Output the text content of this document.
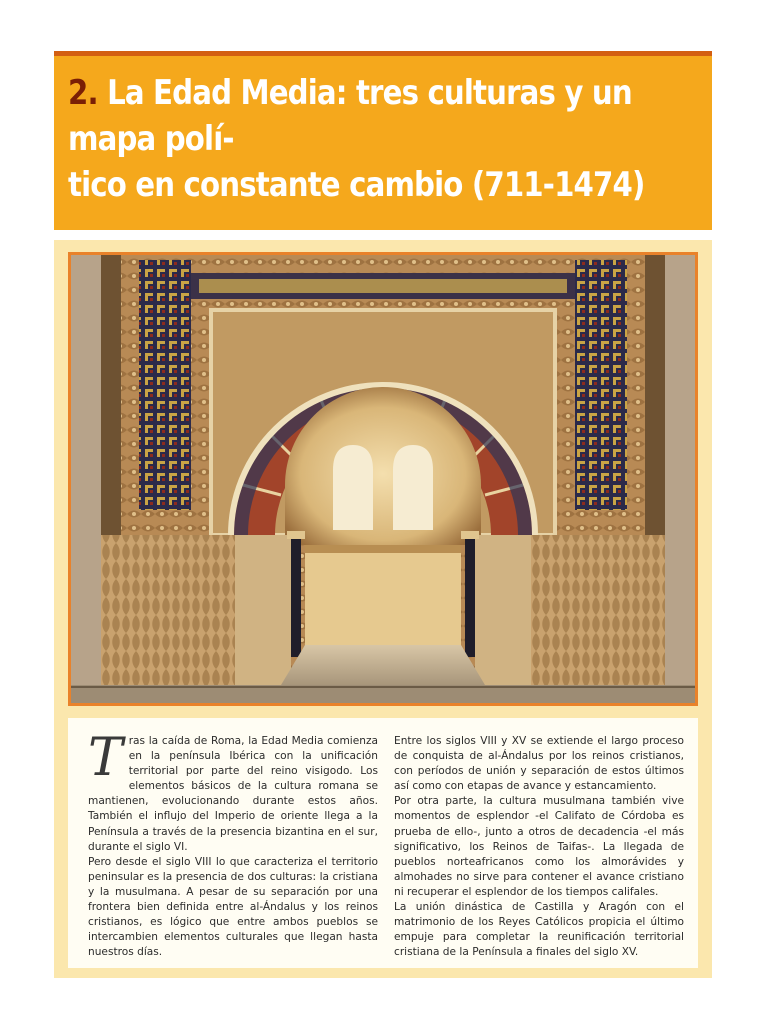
2. La Edad Media: tres culturas y un mapa polí-
tico en constante cambio (711-1474)

Tras la caída de Roma, la Edad Media comienza en la península Ibérica con la unificación territorial por parte del reino visigodo. Los elementos básicos de la cultura romana se mantienen, evolucionando durante estos años. También el influjo del Imperio de oriente llega a la Península a través de la presencia bizantina en el sur, durante el siglo VI.

Pero desde el siglo VIII lo que caracteriza el territorio peninsular es la presencia de dos culturas: la cristiana y la musulmana. A pesar de su separación por una frontera bien definida entre al-Ándalus y los reinos cristianos, es lógico que entre ambos pueblos se intercambien elementos culturales que llegan hasta nuestros días.

Entre los siglos VIII y XV se extiende el largo proceso de conquista de al-Ándalus por los reinos cristianos, con períodos de unión y separación de estos últimos así como con etapas de avance y estancamiento.

Por otra parte, la cultura musulmana también vive momentos de esplendor -el Califato de Córdoba es prueba de ello-, junto a otros de decadencia -el más significativo, los Reinos de Taifas-. La llegada de pueblos norteafricanos como los almorávides y almohades no sirve para contener el avance cristiano ni recuperar el esplendor de los tiempos califales.

La unión dinástica de Castilla y Aragón con el matrimonio de los Reyes Católicos propicia el último empuje para completar la reunificación territorial cristiana de la Península a finales del siglo XV.
